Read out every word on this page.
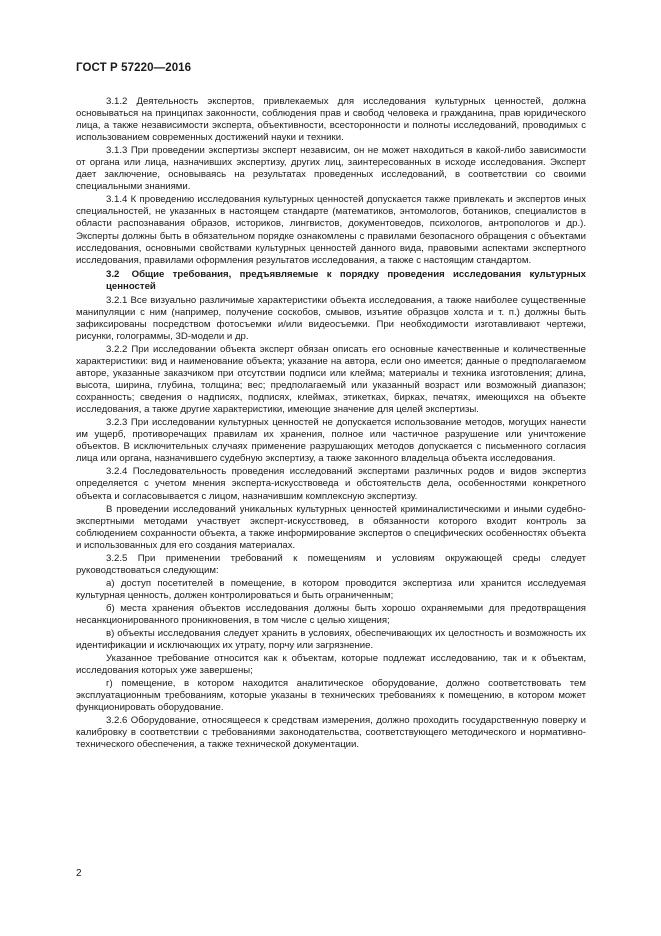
ГОСТ Р 57220—2016

3.1.2 Деятельность экспертов, привлекаемых для исследования культурных ценностей, должна основываться на принципах законности, соблюдения прав и свобод человека и гражданина, прав юридического лица, а также независимости эксперта, объективности, всесторонности и полноты исследований, проводимых с использованием современных достижений науки и техники.

3.1.3 При проведении экспертизы эксперт независим, он не может находиться в какой-либо зависимости от органа или лица, назначивших экспертизу, других лиц, заинтересованных в исходе исследования. Эксперт дает заключение, основываясь на результатах проведенных исследований, в соответствии со своими специальными знаниями.

3.1.4 К проведению исследования культурных ценностей допускается также привлекать и экспертов иных специальностей, не указанных в настоящем стандарте (математиков, энтомологов, ботаников, специалистов в области распознавания образов, историков, лингвистов, документоведов, психологов, антропологов и др.). Эксперты должны быть в обязательном порядке ознакомлены с правилами безопасного обращения с объектами исследования, основными свойствами культурных ценностей данного вида, правовыми аспектами экспертного исследования, правилами оформления результатов исследования, а также с настоящим стандартом.

3.2 Общие требования, предъявляемые к порядку проведения исследования культурных ценностей

3.2.1 Все визуально различимые характеристики объекта исследования, а также наиболее существенные манипуляции с ним (например, получение соскобов, смывов, изъятие образцов холста и т. п.) должны быть зафиксированы посредством фотосъемки и/или видеосъемки. При необходимости изготавливают чертежи, рисунки, голограммы, 3D-модели и др.

3.2.2 При исследовании объекта эксперт обязан описать его основные качественные и количественные характеристики: вид и наименование объекта; указание на автора, если оно имеется; данные о предполагаемом авторе, указанные заказчиком при отсутствии подписи или клейма; материалы и техника изготовления; длина, высота, ширина, глубина, толщина; вес; предполагаемый или указанный возраст или возможный диапазон; сохранность; сведения о надписях, подписях, клеймах, этикетках, бирках, печатях, имеющихся на объекте исследования, а также другие характеристики, имеющие значение для целей экспертизы.

3.2.3 При исследовании культурных ценностей не допускается использование методов, могущих нанести им ущерб, противоречащих правилам их хранения, полное или частичное разрушение или уничтожение объектов. В исключительных случаях применение разрушающих методов допускается с письменного согласия лица или органа, назначившего судебную экспертизу, а также законного владельца объекта исследования.

3.2.4 Последовательность проведения исследований экспертами различных родов и видов экспертиз определяется с учетом мнения эксперта-искусствоведа и обстоятельств дела, особенностями конкретного объекта и согласовывается с лицом, назначившим комплексную экспертизу.

В проведении исследований уникальных культурных ценностей криминалистическими и иными судебно-экспертными методами участвует эксперт-искусствовед, в обязанности которого входит контроль за соблюдением сохранности объекта, а также информирование экспертов о специфических особенностях объекта и использованных для его создания материалах.

3.2.5 При применении требований к помещениям и условиям окружающей среды следует руководствоваться следующим:

а) доступ посетителей в помещение, в котором проводится экспертиза или хранится исследуемая культурная ценность, должен контролироваться и быть ограниченным;

б) места хранения объектов исследования должны быть хорошо охраняемыми для предотвращения несанкционированного проникновения, в том числе с целью хищения;

в) объекты исследования следует хранить в условиях, обеспечивающих их целостность и возможность их идентификации и исключающих их утрату, порчу или загрязнение.

Указанное требование относится как к объектам, которые подлежат исследованию, так и к объектам, исследования которых уже завершены;

г) помещение, в котором находится аналитическое оборудование, должно соответствовать тем эксплуатационным требованиям, которые указаны в технических требованиях к помещению, в котором может функционировать оборудование.

3.2.6 Оборудование, относящееся к средствам измерения, должно проходить государственную поверку и калибровку в соответствии с требованиями законодательства, соответствующего методического и нормативно-технического обеспечения, а также технической документации.

2
